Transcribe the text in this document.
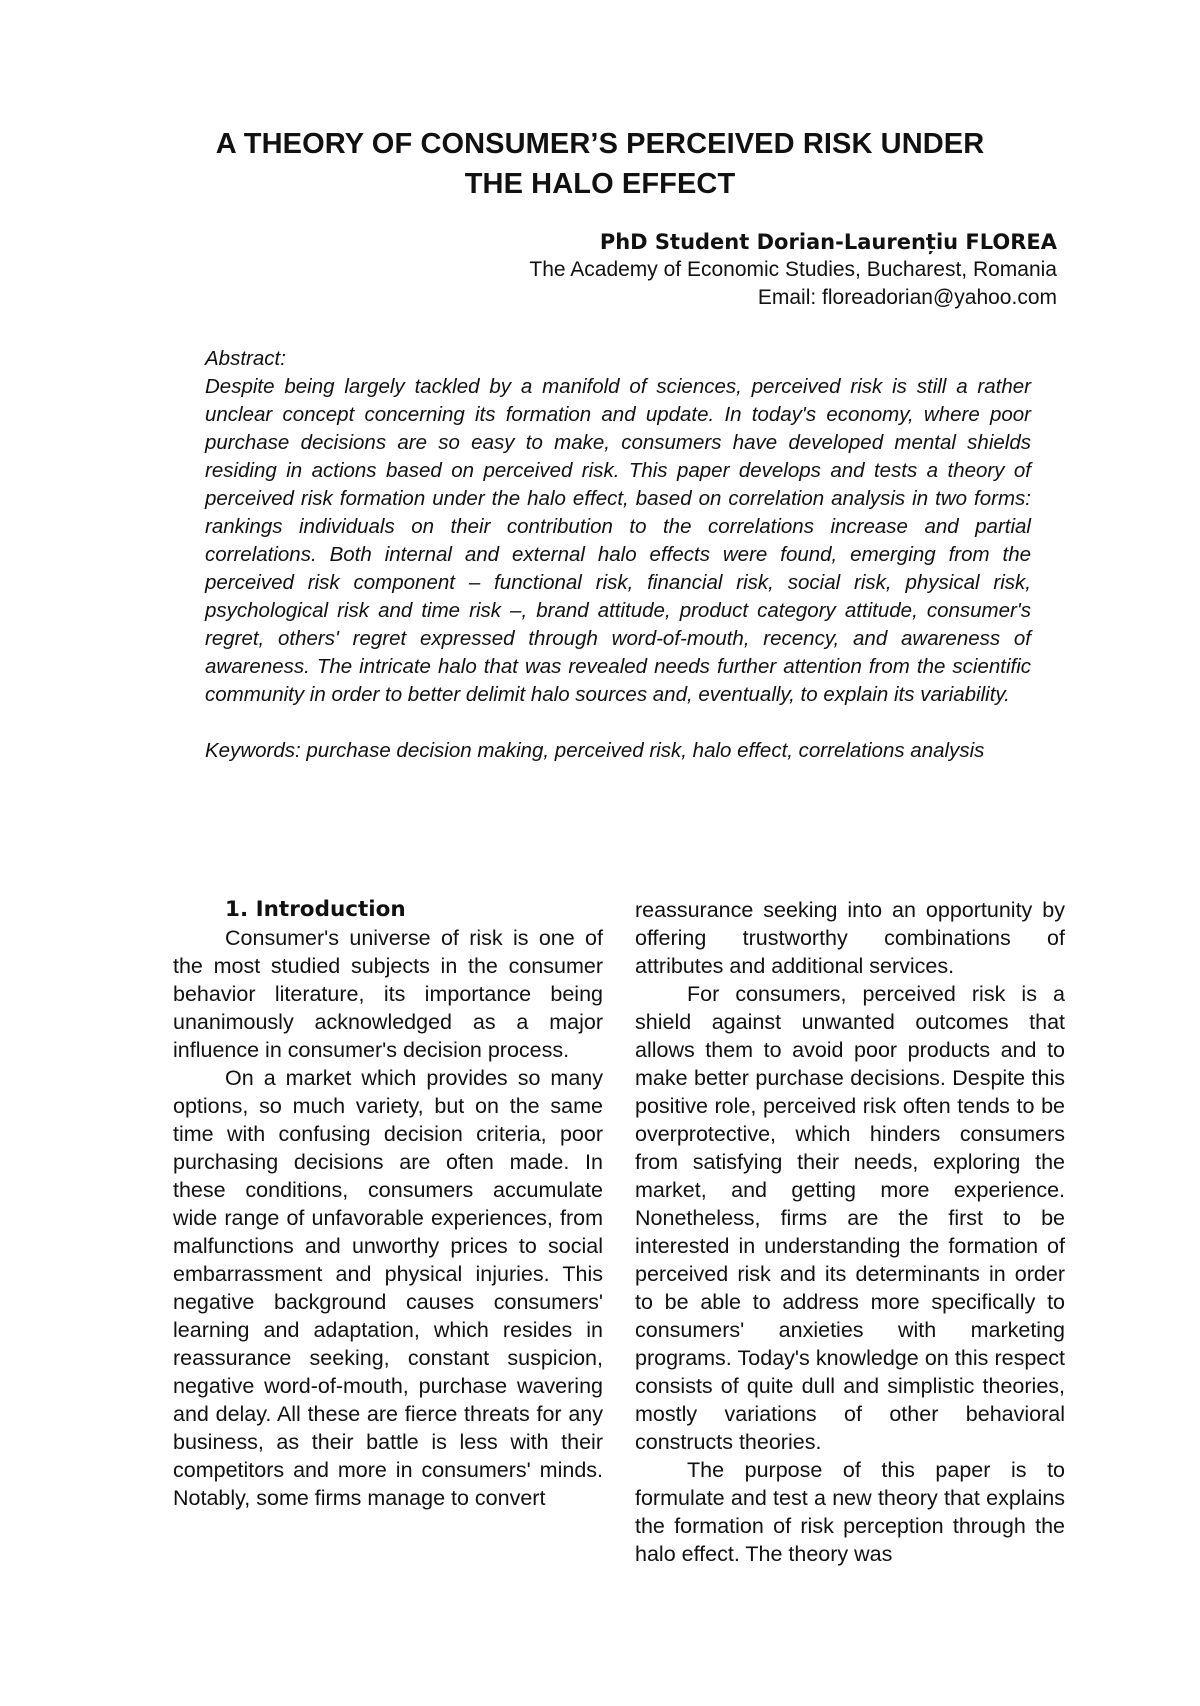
A THEORY OF CONSUMER’S PERCEIVED RISK UNDER
THE HALO EFFECT
PhD Student Dorian-Laurențiu FLOREA
The Academy of Economic Studies, Bucharest, Romania
Email: floreadorian@yahoo.com

Abstract:

Despite being largely tackled by a manifold of sciences, perceived risk is still a rather unclear concept concerning its formation and update. In today's economy, where poor purchase decisions are so easy to make, consumers have developed mental shields residing in actions based on perceived risk. This paper develops and tests a theory of perceived risk formation under the halo effect, based on correlation analysis in two forms: rankings individuals on their contribution to the correlations increase and partial correlations. Both internal and external halo effects were found, emerging from the perceived risk component – functional risk, financial risk, social risk, physical risk, psychological risk and time risk –, brand attitude, product category attitude, consumer's regret, others' regret expressed through word-of-mouth, recency, and awareness of awareness. The intricate halo that was revealed needs further attention from the scientific community in order to better delimit halo sources and, eventually, to explain its variability.

Keywords: purchase decision making, perceived risk, halo effect, correlations analysis

1. Introduction

Consumer's universe of risk is one of the most studied subjects in the consumer behavior literature, its importance being unanimously acknowledged as a major influence in consumer's decision process.

On a market which provides so many options, so much variety, but on the same time with confusing decision criteria, poor purchasing decisions are often made. In these conditions, consumers accumulate wide range of unfavorable experiences, from malfunctions and unworthy prices to social embarrassment and physical injuries. This negative background causes consumers' learning and adaptation, which resides in reassurance seeking, constant suspicion, negative word-of-mouth, purchase wavering and delay. All these are fierce threats for any business, as their battle is less with their competitors and more in consumers' minds. Notably, some firms manage to convert

reassurance seeking into an opportunity by offering trustworthy combinations of attributes and additional services.

For consumers, perceived risk is a shield against unwanted outcomes that allows them to avoid poor products and to make better purchase decisions. Despite this positive role, perceived risk often tends to be overprotective, which hinders consumers from satisfying their needs, exploring the market, and getting more experience. Nonetheless, firms are the first to be interested in understanding the formation of perceived risk and its determinants in order to be able to address more specifically to consumers' anxieties with marketing programs. Today's knowledge on this respect consists of quite dull and simplistic theories, mostly variations of other behavioral constructs theories.

The purpose of this paper is to formulate and test a new theory that explains the formation of risk perception through the halo effect. The theory was
